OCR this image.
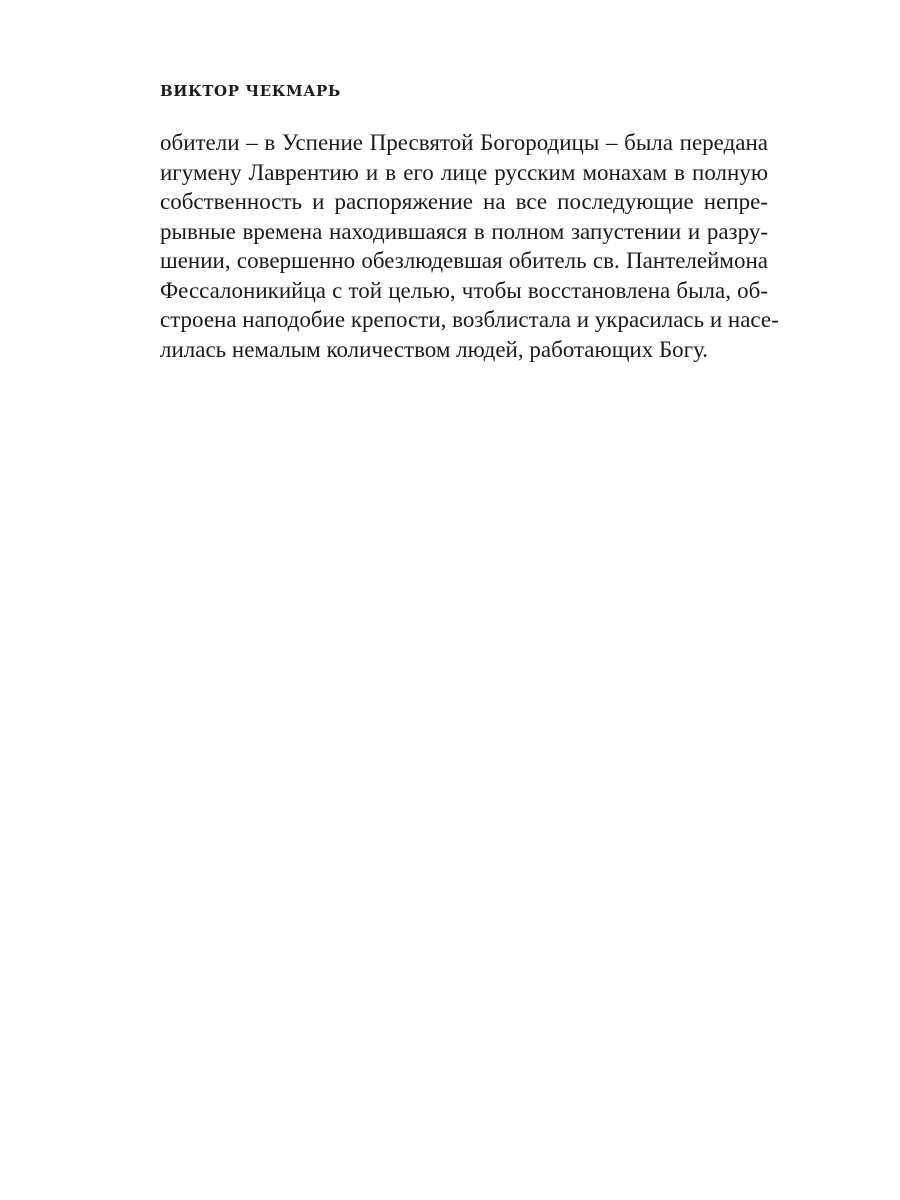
ВИКТОР ЧЕКМАРЬ
обители – в Успение Пресвятой Богородицы – была передана
игумену Лаврентию и в его лице русским монахам в полную
собственность и распоряжение на все последующие непре-
рывные времена находившаяся в полном запустении и разру-
шении, совершенно обезлюдевшая обитель св. Пантелеймона
Фессалоникийца с той целью, чтобы восстановлена была, об-
строена наподобие крепости, возблистала и украсилась и насе-
лилась немалым количеством людей, работающих Богу.
